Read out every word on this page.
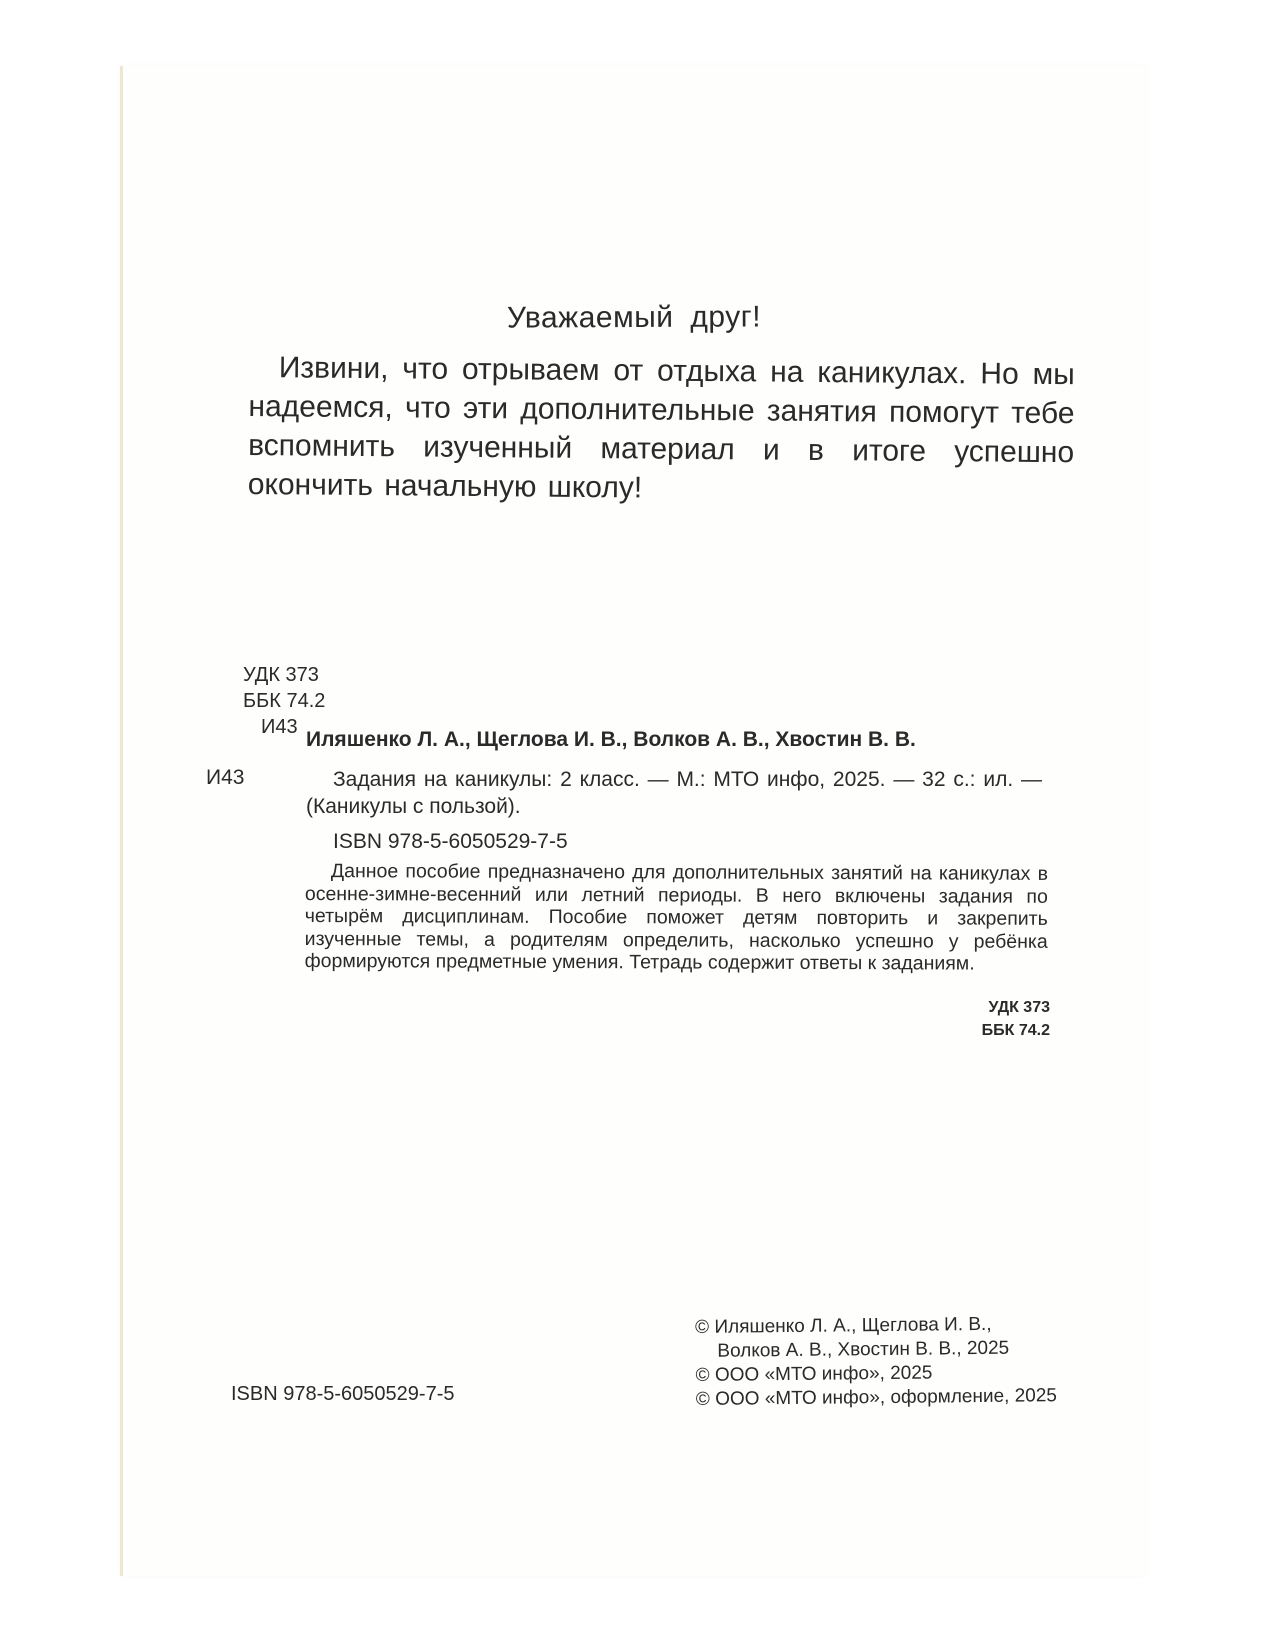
Уважаемый друг!

Извини, что отрываем от отдыха на каникулах. Но мы надеемся, что эти дополнительные занятия помогут тебе вспомнить изученный материал и в итоге успешно окончить начальную школу!

УДК 373
ББК 74.2
И43
Иляшенко Л. А., Щеглова И. В., Волков А. В., Хвостин В. В.
И43	Задания на каникулы: 2 класс. — М.: МТО инфо, 2025. — 32 с.: ил. — (Каникулы с пользой).

ISBN 978-5-6050529-7-5

Данное пособие предназначено для дополнительных занятий на каникулах в осенне-зимне-весенний или летний периоды. В него включены задания по четырём дисциплинам. Пособие поможет детям повторить и закрепить изученные темы, а родителям определить, насколько успешно у ребёнка формируются предметные умения. Тетрадь содержит ответы к заданиям.

УДК 373
ББК 74.2
ISBN 978-5-6050529-7-5
© Иляшенко Л. А., Щеглова И. В.,
Волков А. В., Хвостин В. В., 2025
© ООО «МТО инфо», 2025
© ООО «МТО инфо», оформление, 2025
